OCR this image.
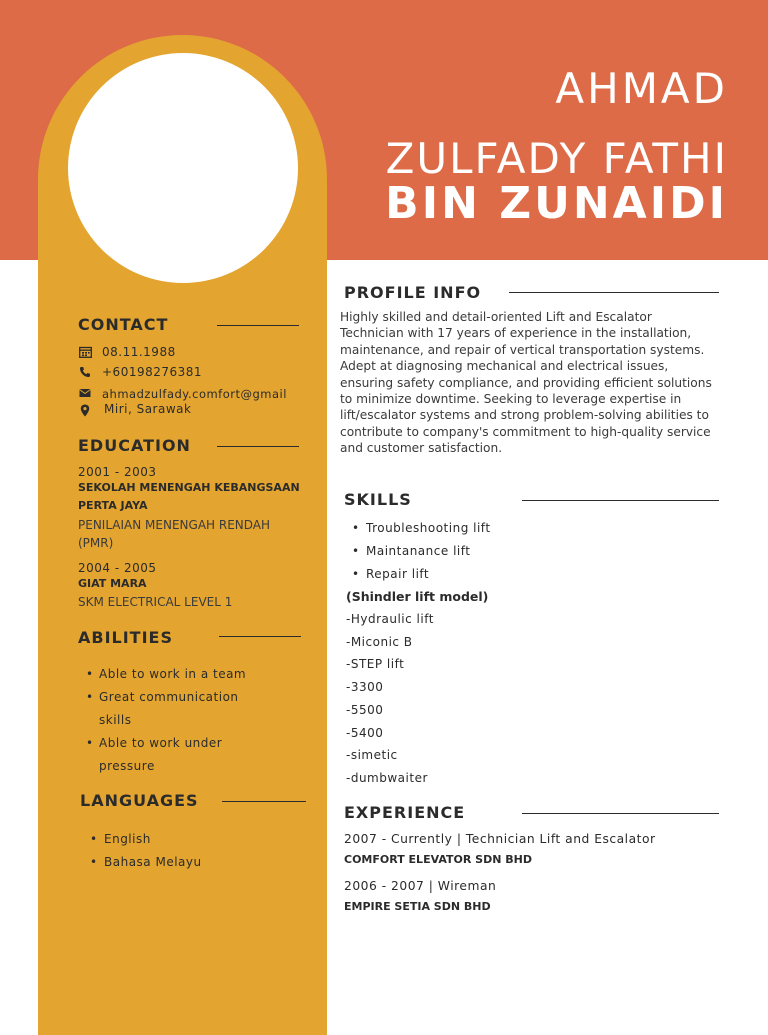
AHMAD
ZULFADY FATHI
BIN ZUNAIDI
CONTACT
08.11.1988
+60198276381
ahmadzulfady.comfort@gmail
Miri, Sarawak
EDUCATION
2001 - 2003
SEKOLAH MENENGAH KEBANGSAAN
PERTA JAYA
PENILAIAN MENENGAH RENDAH
(PMR)
2004 - 2005
GIAT MARA
SKM ELECTRICAL LEVEL 1
ABILITIES
• Able to work in a team
• Great communication
skills
• Able to work under
pressure
LANGUAGES
• English
• Bahasa Melayu
PROFILE INFO
Highly skilled and detail-oriented Lift and Escalator Technician with 17 years of experience in the installation, maintenance, and repair of vertical transportation systems. Adept at diagnosing mechanical and electrical issues, ensuring safety compliance, and providing efficient solutions to minimize downtime. Seeking to leverage expertise in lift/escalator systems and strong problem-solving abilities to contribute to company's commitment to high-quality service and customer satisfaction.
SKILLS
• Troubleshooting lift
• Maintanance lift
• Repair lift
(Shindler lift model)
-Hydraulic lift
-Miconic B
-STEP lift
-3300
-5500
-5400
-simetic
-dumbwaiter
EXPERIENCE
2007 - Currently | Technician Lift and Escalator
COMFORT ELEVATOR SDN BHD
2006 - 2007 | Wireman
EMPIRE SETIA SDN BHD
